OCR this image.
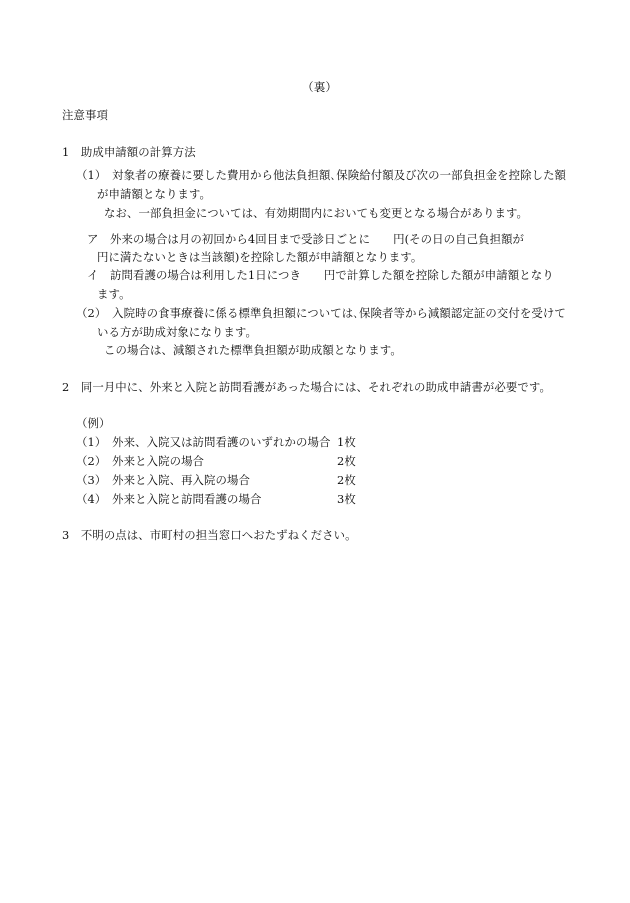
（裏）
注意事項
1　助成申請額の計算方法
（1）　対象者の療養に要した費用から他法負担額､保険給付額及び次の一部負担金を控除した額
が申請額となります。
なお、一部負担金については、有効期間内においても変更となる場合があります。
ア　外来の場合は月の初回から4回目まで受診日ごとに　　円(その日の自己負担額が
円に満たないときは当該額)を控除した額が申請額となります。
イ　訪問看護の場合は利用した1日につき　　円で計算した額を控除した額が申請額となり
ます。
（2）　入院時の食事療養に係る標準負担額については､保険者等から減額認定証の交付を受けて
いる方が助成対象になります。
この場合は、減額された標準負担額が助成額となります。
2　同一月中に、外来と入院と訪問看護があった場合には、それぞれの助成申請書が必要です。
（例）
（1）　外来、入院又は訪問看護のいずれかの場合 1枚
（2）　外来と入院の場合	2枚
（3）　外来と入院、再入院の場合	2枚
（4）　外来と入院と訪問看護の場合	3枚
3　不明の点は、市町村の担当窓口へおたずねください。
